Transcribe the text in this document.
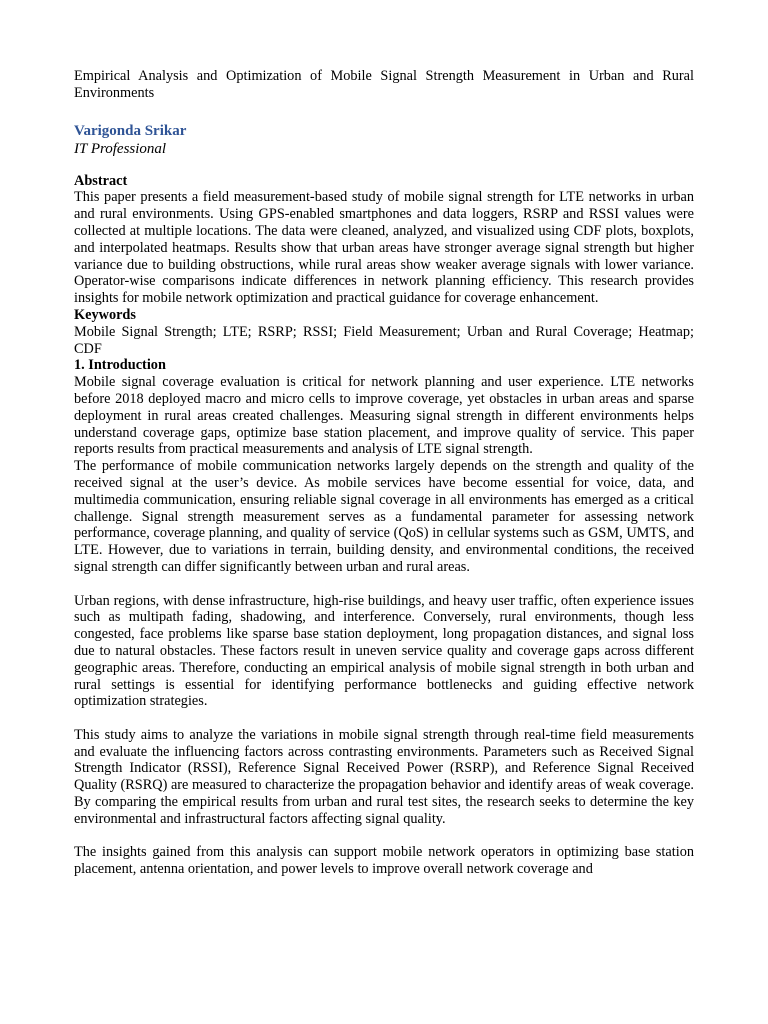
Empirical Analysis and Optimization of Mobile Signal Strength Measurement in Urban and Rural Environments

Varigonda Srikar
IT Professional
Abstract

This paper presents a field measurement-based study of mobile signal strength for LTE networks in urban and rural environments. Using GPS-enabled smartphones and data loggers, RSRP and RSSI values were collected at multiple locations. The data were cleaned, analyzed, and visualized using CDF plots, boxplots, and interpolated heatmaps. Results show that urban areas have stronger average signal strength but higher variance due to building obstructions, while rural areas show weaker average signals with lower variance. Operator-wise comparisons indicate differences in network planning efficiency. This research provides insights for mobile network optimization and practical guidance for coverage enhancement.

Keywords

Mobile Signal Strength; LTE; RSRP; RSSI; Field Measurement; Urban and Rural Coverage; Heatmap; CDF

1. Introduction

Mobile signal coverage evaluation is critical for network planning and user experience. LTE networks before 2018 deployed macro and micro cells to improve coverage, yet obstacles in urban areas and sparse deployment in rural areas created challenges. Measuring signal strength in different environments helps understand coverage gaps, optimize base station placement, and improve quality of service. This paper reports results from practical measurements and analysis of LTE signal strength.

The performance of mobile communication networks largely depends on the strength and quality of the received signal at the user’s device. As mobile services have become essential for voice, data, and multimedia communication, ensuring reliable signal coverage in all environments has emerged as a critical challenge. Signal strength measurement serves as a fundamental parameter for assessing network performance, coverage planning, and quality of service (QoS) in cellular systems such as GSM, UMTS, and LTE. However, due to variations in terrain, building density, and environmental conditions, the received signal strength can differ significantly between urban and rural areas.

Urban regions, with dense infrastructure, high-rise buildings, and heavy user traffic, often experience issues such as multipath fading, shadowing, and interference. Conversely, rural environments, though less congested, face problems like sparse base station deployment, long propagation distances, and signal loss due to natural obstacles. These factors result in uneven service quality and coverage gaps across different geographic areas. Therefore, conducting an empirical analysis of mobile signal strength in both urban and rural settings is essential for identifying performance bottlenecks and guiding effective network optimization strategies.

This study aims to analyze the variations in mobile signal strength through real-time field measurements and evaluate the influencing factors across contrasting environments. Parameters such as Received Signal Strength Indicator (RSSI), Reference Signal Received Power (RSRP), and Reference Signal Received Quality (RSRQ) are measured to characterize the propagation behavior and identify areas of weak coverage. By comparing the empirical results from urban and rural test sites, the research seeks to determine the key environmental and infrastructural factors affecting signal quality.

The insights gained from this analysis can support mobile network operators in optimizing base station placement, antenna orientation, and power levels to improve overall network coverage and
